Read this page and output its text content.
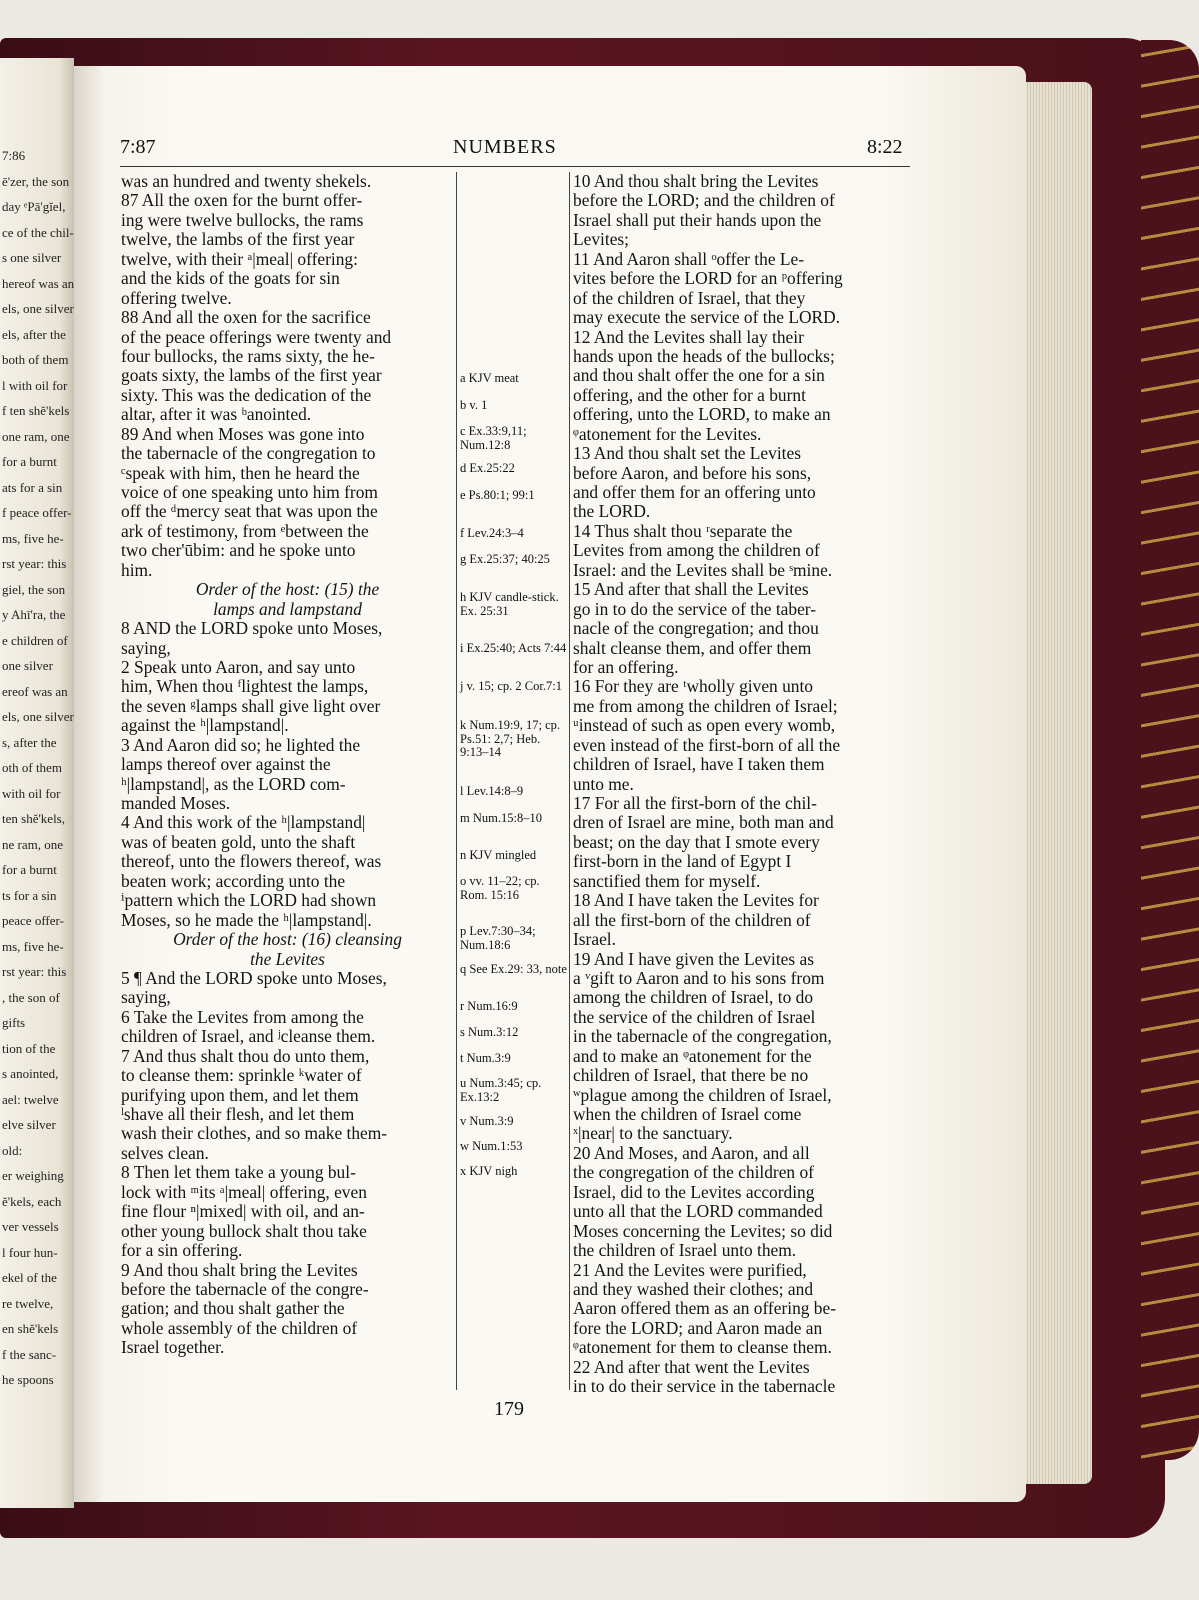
7:86
ē'zer, the son
day ᵉPā'gĭel,
ce of the chil-
s one silver
hereof was an
els, one silver
els, after the
both of them
l with oil for
f ten shĕ'kels
one ram, one
for a burnt
ats for a sin
f peace offer-
ms, five he-
rst year: this
giel, the son
y Ahī'ra, the
e children of
one silver
ereof was an
els, one silver
s, after the
oth of them
with oil for
ten shĕ'kels,
ne ram, one
for a burnt
ts for a sin
peace offer-
ms, five he-
rst year: this
, the son of
gifts
tion of the
s anointed,
ael: twelve
elve silver
old:
er weighing
ĕ'kels, each
ver vessels
l four hun-
ekel of the
re twelve,
en shĕ'kels
f the sanc-
he spoons
7:87	NUMBERS	8:22
was an hundred and twenty shekels.
87 All the oxen for the burnt offer-
ing were twelve bullocks, the rams
twelve, the lambs of the first year
twelve, with their ᵃ|meal| offering:
and the kids of the goats for sin
offering twelve.
88 And all the oxen for the sacrifice
of the peace offerings were twenty and
four bullocks, the rams sixty, the he-
goats sixty, the lambs of the first year
sixty. This was the dedication of the
altar, after it was ᵇanointed.
89 And when Moses was gone into
the tabernacle of the congregation to
ᶜspeak with him, then he heard the
voice of one speaking unto him from
off the ᵈmercy seat that was upon the
ark of testimony, from ᵉbetween the
two cher'ūbim: and he spoke unto
him.
Order of the host: (15) the
lamps and lampstand
8 AND the LORD spoke unto Moses,
saying,
2 Speak unto Aaron, and say unto
him, When thou ᶠlightest the lamps,
the seven ᵍlamps shall give light over
against the ʰ|lampstand|.
3 And Aaron did so; he lighted the
lamps thereof over against the
ʰ|lampstand|, as the LORD com-
manded Moses.
4 And this work of the ʰ|lampstand|
was of beaten gold, unto the shaft
thereof, unto the flowers thereof, was
beaten work; according unto the
ⁱpattern which the LORD had shown
Moses, so he made the ʰ|lampstand|.
Order of the host: (16) cleansing
the Levites
5 ¶ And the LORD spoke unto Moses,
saying,
6 Take the Levites from among the
children of Israel, and ʲcleanse them.
7 And thus shalt thou do unto them,
to cleanse them: sprinkle ᵏwater of
purifying upon them, and let them
ˡshave all their flesh, and let them
wash their clothes, and so make them-
selves clean.
8 Then let them take a young bul-
lock with ᵐits ᵃ|meal| offering, even
fine flour ⁿ|mixed| with oil, and an-
other young bullock shalt thou take
for a sin offering.
9 And thou shalt bring the Levites
before the tabernacle of the congre-
gation; and thou shalt gather the
whole assembly of the children of
Israel together.
a KJV meat
b v. 1
c Ex.33:9,11; Num.12:8
d Ex.25:22
e Ps.80:1; 99:1
f Lev.24:3–4
g Ex.25:37; 40:25
h KJV candle-stick. Ex. 25:31
i Ex.25:40; Acts 7:44
j v. 15; cp. 2 Cor.7:1
k Num.19:9, 17; cp. Ps.51: 2,7; Heb. 9:13–14
l Lev.14:8–9
m Num.15:8–10
n KJV mingled
o vv. 11–22; cp. Rom. 15:16
p Lev.7:30–34; Num.18:6
q See Ex.29: 33, note
r Num.16:9
s Num.3:12
t Num.3:9
u Num.3:45; cp. Ex.13:2
v Num.3:9
w Num.1:53
x KJV nigh
10 And thou shalt bring the Levites
before the LORD; and the children of
Israel shall put their hands upon the
Levites;
11 And Aaron shall ᵒoffer the Le-
vites before the LORD for an ᵖoffering
of the children of Israel, that they
may execute the service of the LORD.
12 And the Levites shall lay their
hands upon the heads of the bullocks;
and thou shalt offer the one for a sin
offering, and the other for a burnt
offering, unto the LORD, to make an
ᵠatonement for the Levites.
13 And thou shalt set the Levites
before Aaron, and before his sons,
and offer them for an offering unto
the LORD.
14 Thus shalt thou ʳseparate the
Levites from among the children of
Israel: and the Levites shall be ˢmine.
15 And after that shall the Levites
go in to do the service of the taber-
nacle of the congregation; and thou
shalt cleanse them, and offer them
for an offering.
16 For they are ᵗwholly given unto
me from among the children of Israel;
ᵘinstead of such as open every womb,
even instead of the first-born of all the
children of Israel, have I taken them
unto me.
17 For all the first-born of the chil-
dren of Israel are mine, both man and
beast; on the day that I smote every
first-born in the land of Egypt I
sanctified them for myself.
18 And I have taken the Levites for
all the first-born of the children of
Israel.
19 And I have given the Levites as
a ᵛgift to Aaron and to his sons from
among the children of Israel, to do
the service of the children of Israel
in the tabernacle of the congregation,
and to make an ᵠatonement for the
children of Israel, that there be no
ʷplague among the children of Israel,
when the children of Israel come
ˣ|near| to the sanctuary.
20 And Moses, and Aaron, and all
the congregation of the children of
Israel, did to the Levites according
unto all that the LORD commanded
Moses concerning the Levites; so did
the children of Israel unto them.
21 And the Levites were purified,
and they washed their clothes; and
Aaron offered them as an offering be-
fore the LORD; and Aaron made an
ᵠatonement for them to cleanse them.
22 And after that went the Levites
in to do their service in the tabernacle
179
